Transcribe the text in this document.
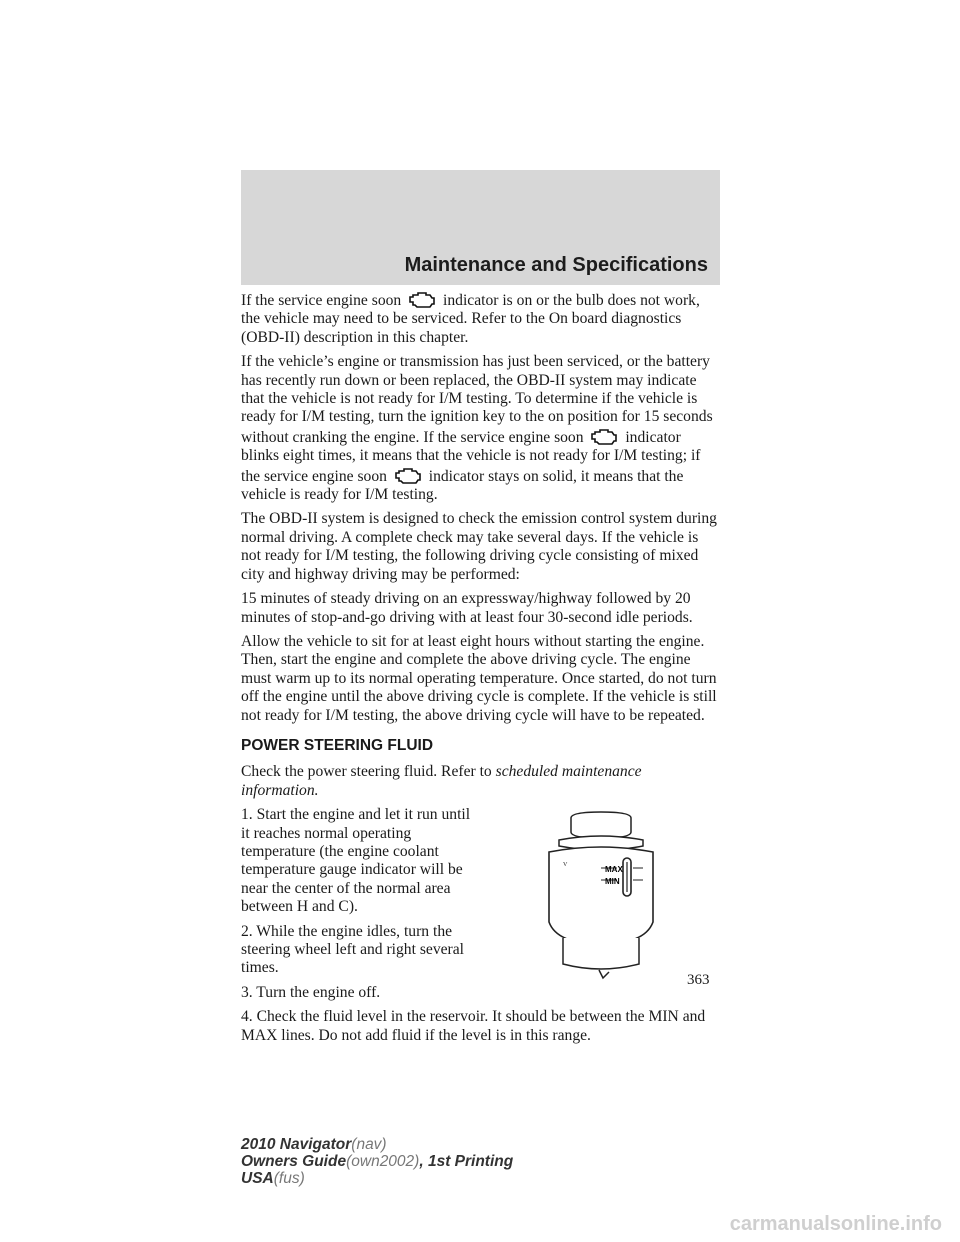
Maintenance and Specifications

If the service engine soon	indicator is on or the bulb does not work, the vehicle may need to be serviced. Refer to the On board diagnostics (OBD-II) description in this chapter.

If the vehicle’s engine or transmission has just been serviced, or the battery has recently run down or been replaced, the OBD-II system may indicate that the vehicle is not ready for I/M testing. To determine if the vehicle is ready for I/M testing, turn the ignition key to the on position for 15 seconds without cranking the engine. If the service engine soon	indicator blinks eight times, it means that the vehicle is not ready for I/M testing; if the service engine soon	indicator stays on solid, it means that the vehicle is ready for I/M testing.

The OBD-II system is designed to check the emission control system during normal driving. A complete check may take several days. If the vehicle is not ready for I/M testing, the following driving cycle consisting of mixed city and highway driving may be performed:

15 minutes of steady driving on an expressway/highway followed by 20 minutes of stop-and-go driving with at least four 30-second idle periods.

Allow the vehicle to sit for at least eight hours without starting the engine. Then, start the engine and complete the above driving cycle. The engine must warm up to its normal operating temperature. Once started, do not turn off the engine until the above driving cycle is complete. If the vehicle is still not ready for I/M testing, the above driving cycle will have to be repeated.

POWER STEERING FLUID

Check the power steering fluid. Refer to scheduled maintenance information.

1. Start the engine and let it run until it reaches normal operating temperature (the engine coolant temperature gauge indicator will be near the center of the normal area between H and C).

2. While the engine idles, turn the steering wheel left and right several times.

3. Turn the engine off.

MAX
MIN
V

4. Check the fluid level in the reservoir. It should be between the MIN and MAX lines. Do not add fluid if the level is in this range.

363
2010 Navigator(nav)
Owners Guide(own2002), 1st Printing
USA(fus)
carmanualsonline.info
